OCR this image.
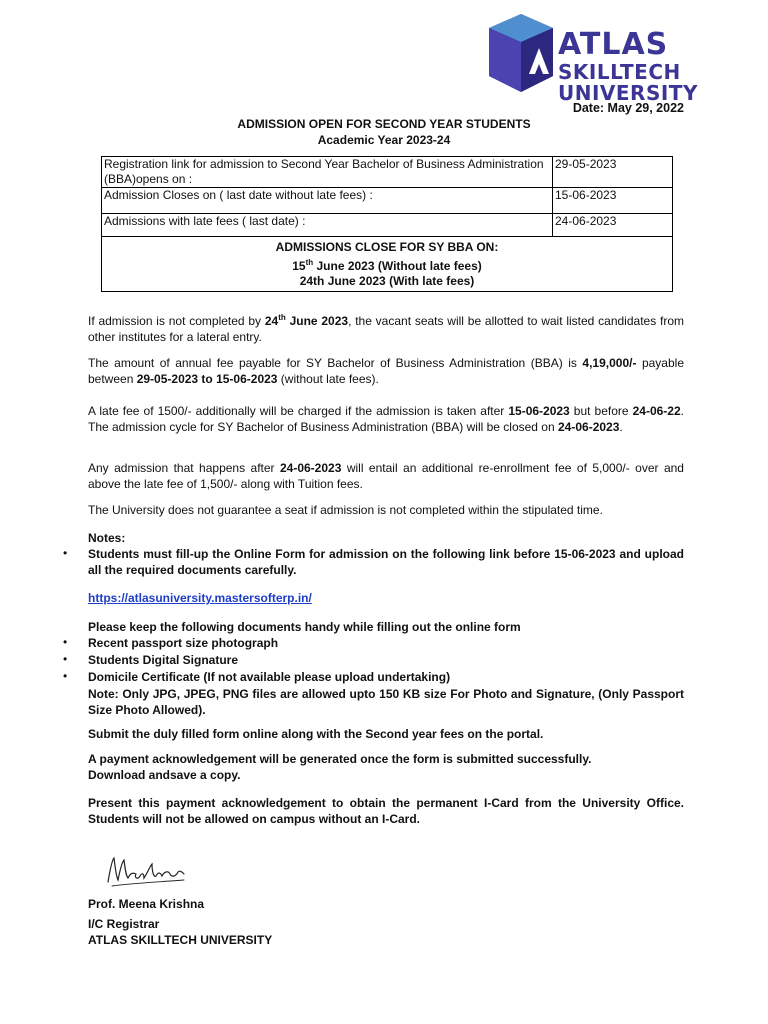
ATLAS
SKILLTECH
UNIVERSITY
Date: May 29, 2022
ADMISSION OPEN FOR SECOND YEAR STUDENTS
Academic Year 2023-24
Registration link for admission to Second Year Bachelor of Business Administration (BBA)opens on :	29-05-2023
Admission Closes on ( last date without late fees) :	15-06-2023
Admissions with late fees ( last date) :	24-06-2023

ADMISSIONS CLOSE FOR SY BBA ON:
15th June 2023 (Without late fees)
24th June 2023 (With late fees)	
If admission is not completed by 24th June 2023, the vacant seats will be allotted to wait listed candidates from other institutes for a lateral entry.
The amount of annual fee payable for SY Bachelor of Business Administration (BBA) is 4,19,000/- payable between 29-05-2023 to 15-06-2023 (without late fees).
A late fee of 1500/- additionally will be charged if the admission is taken after 15-06-2023 but before 24-06-22. The admission cycle for SY Bachelor of Business Administration (BBA) will be closed on 24-06-2023.
Any admission that happens after 24-06-2023 will entail an additional re-enrollment fee of 5,000/- over and above the late fee of 1,500/- along with Tuition fees.
The University does not guarantee a seat if admission is not completed within the stipulated time.
Notes:
• Students must fill-up the Online Form for admission on the following link before 15-06-2023 and upload all the required documents carefully.
https://atlasuniversity.mastersofterp.in/
Please keep the following documents handy while filling out the online form
• Recent passport size photograph
• Students Digital Signature
• Domicile Certificate (If not available please upload undertaking)
Note: Only JPG, JPEG, PNG files are allowed upto 150 KB size For Photo and Signature, (Only Passport Size Photo Allowed).
Submit the duly filled form online along with the Second year fees on the portal.
A payment acknowledgement will be generated once the form is submitted successfully.
Download andsave a copy.
Present this payment acknowledgement to obtain the permanent I-Card from the University Office. Students will not be allowed on campus without an I-Card.
Prof. Meena Krishna
I/C Registrar
ATLAS SKILLTECH UNIVERSITY
